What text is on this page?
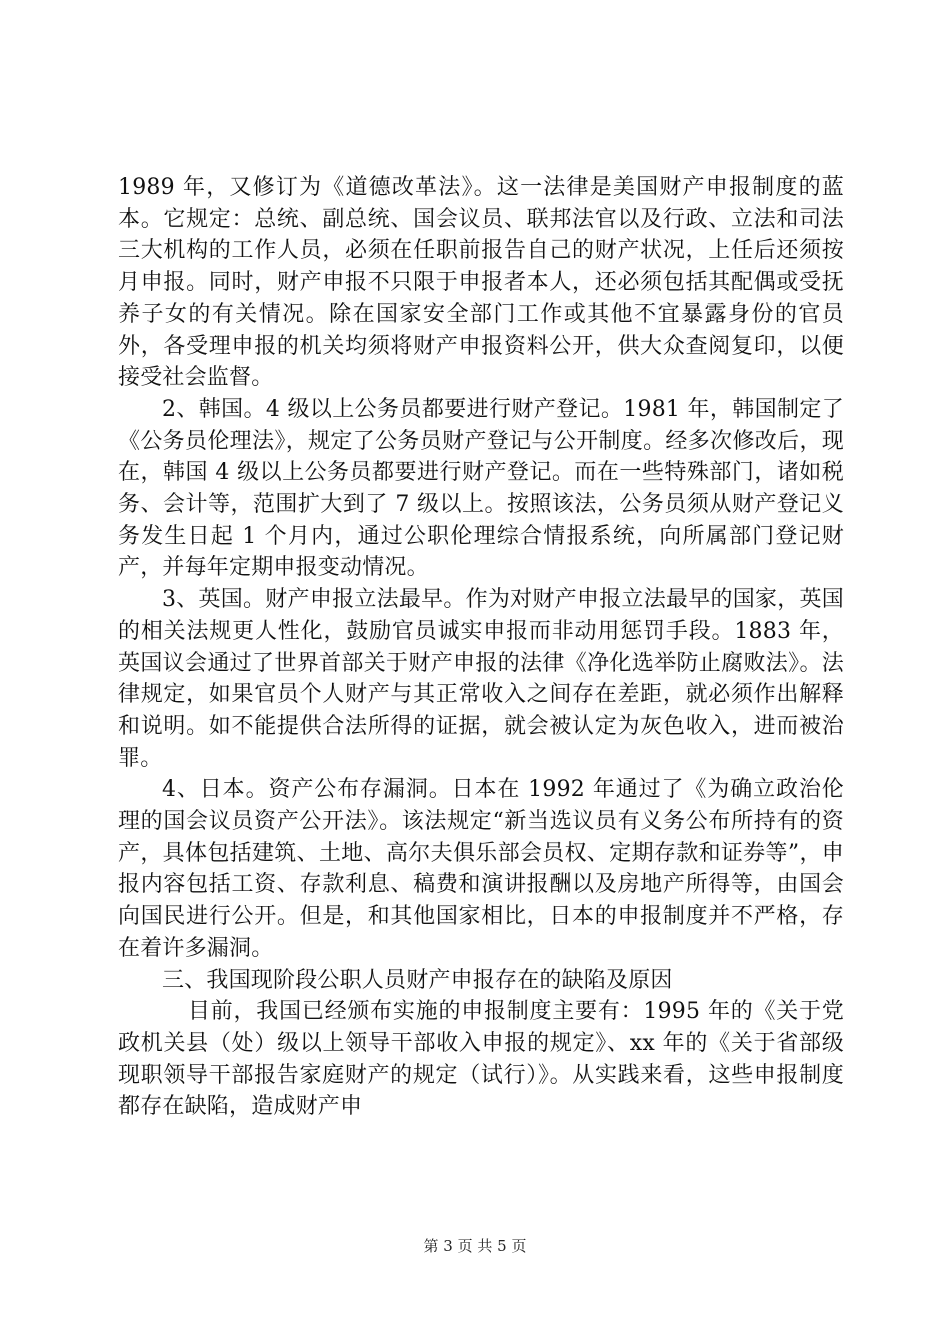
1989 年，又修订为《道德改革法》。这一法律是美国财产申报制度的蓝本。它规定：总统、副总统、国会议员、联邦法官以及行政、立法和司法三大机构的工作人员，必须在任职前报告自己的财产状况，上任后还须按月申报。同时，财产申报不只限于申报者本人，还必须包括其配偶或受抚养子女的有关情况。除在国家安全部门工作或其他不宜暴露身份的官员外，各受理申报的机关均须将财产申报资料公开，供大众查阅复印，以便接受社会监督。

2、韩国。4 级以上公务员都要进行财产登记。1981 年，韩国制定了《公务员伦理法》，规定了公务员财产登记与公开制度。经多次修改后，现在，韩国 4 级以上公务员都要进行财产登记。而在一些特殊部门，诸如税务、会计等，范围扩大到了 7 级以上。按照该法，公务员须从财产登记义务发生日起 1 个月内，通过公职伦理综合情报系统，向所属部门登记财产，并每年定期申报变动情况。

3、英国。财产申报立法最早。作为对财产申报立法最早的国家，英国的相关法规更人性化，鼓励官员诚实申报而非动用惩罚手段。1883 年，英国议会通过了世界首部关于财产申报的法律《净化选举防止腐败法》。法律规定，如果官员个人财产与其正常收入之间存在差距，就必须作出解释和说明。如不能提供合法所得的证据，就会被认定为灰色收入，进而被治罪。

4、日本。资产公布存漏洞。日本在 1992 年通过了《为确立政治伦理的国会议员资产公开法》。该法规定“新当选议员有义务公布所持有的资产，具体包括建筑、土地、高尔夫俱乐部会员权、定期存款和证券等”，申报内容包括工资、存款利息、稿费和演讲报酬以及房地产所得等，由国会向国民进行公开。但是，和其他国家相比，日本的申报制度并不严格，存在着许多漏洞。

三、我国现阶段公职人员财产申报存在的缺陷及原因

目前，我国已经颁布实施的申报制度主要有：1995 年的《关于党政机关县（处）级以上领导干部收入申报的规定》、xx 年的《关于省部级现职领导干部报告家庭财产的规定（试行）》。从实践来看，这些申报制度都存在缺陷，造成财产申

第 3 页 共 5 页
